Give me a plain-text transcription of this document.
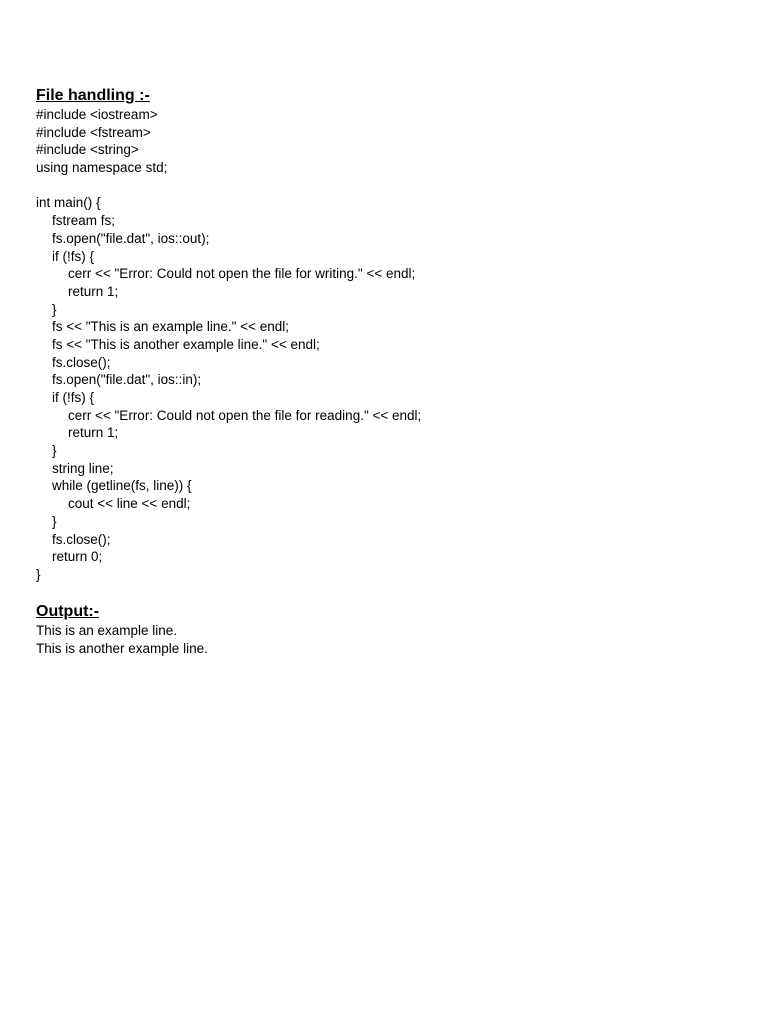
File handling :-
#include <iostream>
#include <fstream>
#include <string>
using namespace std;
int main() {
fstream fs;
fs.open("file.dat", ios::out);
if (!fs) {
cerr << "Error: Could not open the file for writing." << endl;
return 1;
}
fs << "This is an example line." << endl;
fs << "This is another example line." << endl;
fs.close();
fs.open("file.dat", ios::in);
if (!fs) {
cerr << "Error: Could not open the file for reading." << endl;
return 1;
}
string line;
while (getline(fs, line)) {
cout << line << endl;
}
fs.close();
return 0;
}
Output:-
This is an example line.
This is another example line.
